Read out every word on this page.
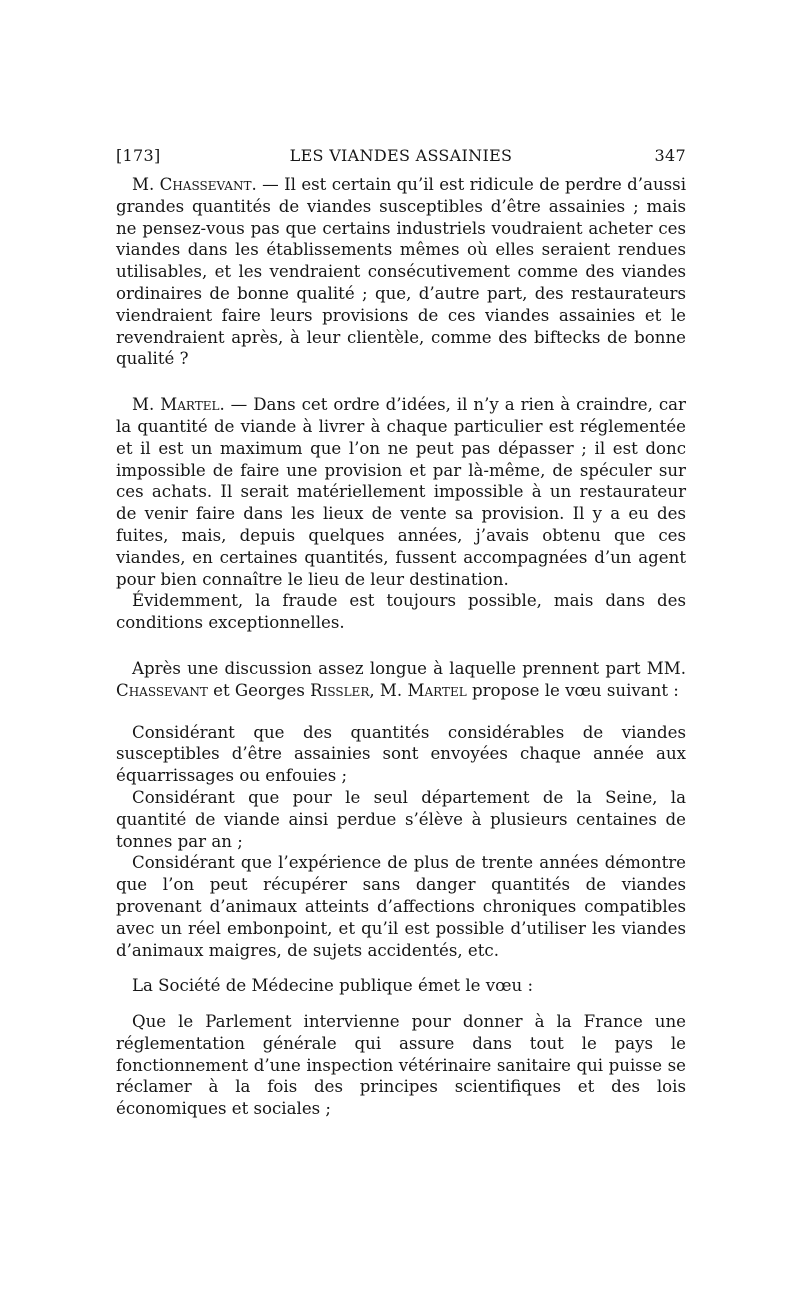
[173]	LES VIANDES ASSAINIES	347

M. Chassevant. — Il est certain qu’il est ridicule de perdre d’aussi grandes quantités de viandes susceptibles d’être assainies ; mais ne pensez-vous pas que certains industriels voudraient acheter ces viandes dans les établissements mêmes où elles seraient rendues utilisables, et les vendraient consécutivement comme des viandes ordinaires de bonne qualité ; que, d’autre part, des restaurateurs viendraient faire leurs provisions de ces viandes assainies et le revendraient après, à leur clientèle, comme des biftecks de bonne qualité ?

M. Martel. — Dans cet ordre d’idées, il n’y a rien à craindre, car la quantité de viande à livrer à chaque particulier est réglementée et il est un maximum que l’on ne peut pas dépasser ; il est donc impossible de faire une provision et par là-même, de spéculer sur ces achats. Il serait matériellement impossible à un restaurateur de venir faire dans les lieux de vente sa provision. Il y a eu des fuites, mais, depuis quelques années, j’avais obtenu que ces viandes, en certaines quantités, fussent accompagnées d’un agent pour bien connaître le lieu de leur destination.

Évidemment, la fraude est toujours possible, mais dans des conditions exceptionnelles.

Après une discussion assez longue à laquelle prennent part MM. Chassevant et Georges Rissler, M. Martel propose le vœu suivant :

Considérant que des quantités considérables de viandes susceptibles d’être assainies sont envoyées chaque année aux équarrissages ou enfouies ;

Considérant que pour le seul département de la Seine, la quantité de viande ainsi perdue s’élève à plusieurs centaines de tonnes par an ;

Considérant que l’expérience de plus de trente années démontre que l’on peut récupérer sans danger quantités de viandes provenant d’animaux atteints d’affections chroniques compatibles avec un réel embonpoint, et qu’il est possible d’utiliser les viandes d’animaux maigres, de sujets accidentés, etc.

La Société de Médecine publique émet le vœu :

Que le Parlement intervienne pour donner à la France une réglementation générale qui assure dans tout le pays le fonctionnement d’une inspection vétérinaire sanitaire qui puisse se réclamer à la fois des principes scientifiques et des lois économiques et sociales ;
